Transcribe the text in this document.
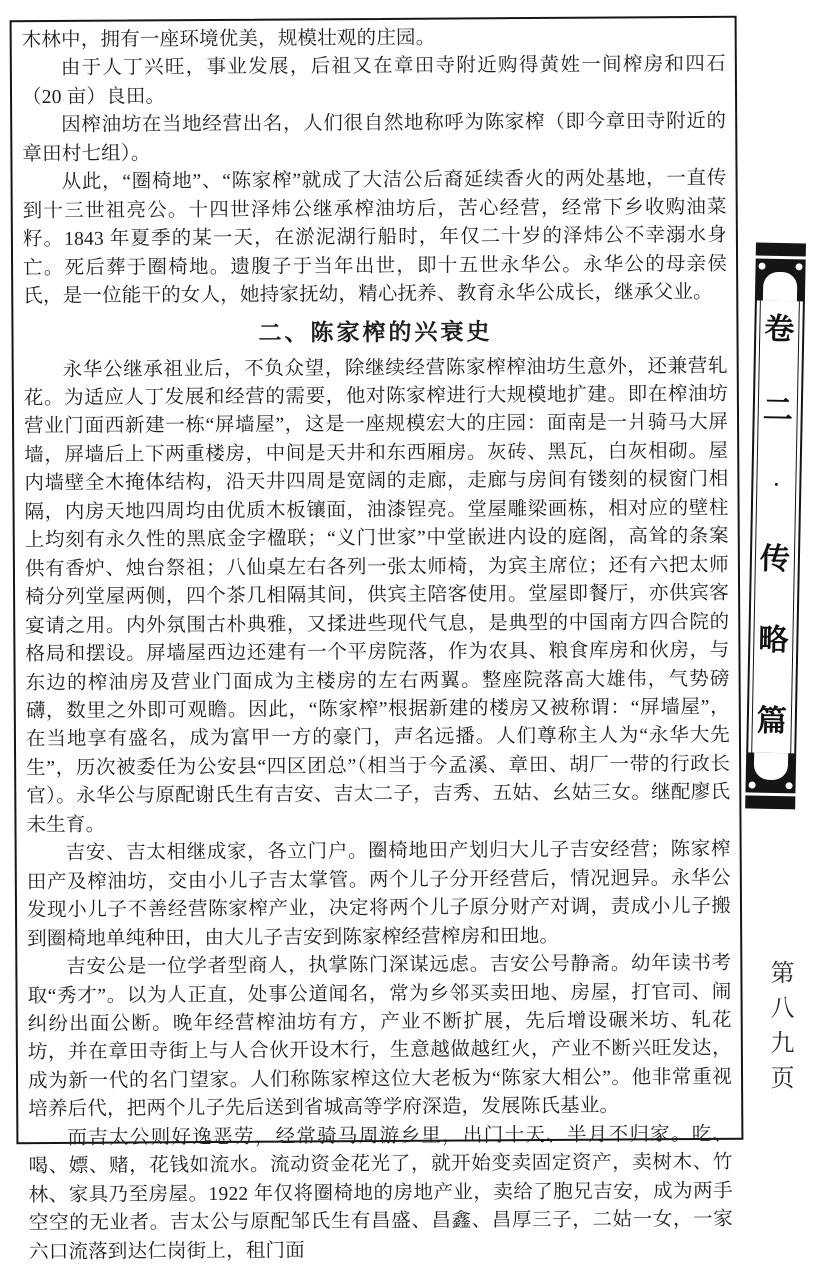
木林中，拥有一座环境优美，规模壮观的庄园。

由于人丁兴旺，事业发展，后祖又在章田寺附近购得黄姓一间榨房和四石（20 亩）良田。

因榨油坊在当地经营出名，人们很自然地称呼为陈家榨（即今章田寺附近的章田村七组）。

从此，“圈椅地”、“陈家榨”就成了大洁公后裔延续香火的两处基地，一直传到十三世祖亮公。十四世泽炜公继承榨油坊后，苦心经营，经常下乡收购油菜籽。1843 年夏季的某一天，在淤泥湖行船时，年仅二十岁的泽炜公不幸溺水身亡。死后葬于圈椅地。遗腹子于当年出世，即十五世永华公。永华公的母亲侯氏，是一位能干的女人，她持家抚幼，精心抚养、教育永华公成长，继承父业。

二、陈家榨的兴衰史

永华公继承祖业后，不负众望，除继续经营陈家榨榨油坊生意外，还兼营轧花。为适应人丁发展和经营的需要，他对陈家榨进行大规模地扩建。即在榨油坊营业门面西新建一栋“屏墙屋”，这是一座规模宏大的庄园：面南是一爿骑马大屏墙，屏墙后上下两重楼房，中间是天井和东西厢房。灰砖、黑瓦，白灰相砌。屋内墙壁全木掩体结构，沿天井四周是宽阔的走廊，走廊与房间有镂刻的棂窗门相隔，内房天地四周均由优质木板镶面，油漆锃亮。堂屋雕梁画栋，相对应的壁柱上均刻有永久性的黑底金字楹联；“义门世家”中堂嵌进内设的庭阁，高耸的条案供有香炉、烛台祭祖；八仙桌左右各列一张太师椅，为宾主席位；还有六把太师椅分列堂屋两侧，四个茶几相隔其间，供宾主陪客使用。堂屋即餐厅，亦供宾客宴请之用。内外氛围古朴典雅，又揉进些现代气息，是典型的中国南方四合院的格局和摆设。屏墙屋西边还建有一个平房院落，作为农具、粮食库房和伙房，与东边的榨油房及营业门面成为主楼房的左右两翼。整座院落高大雄伟，气势磅礴，数里之外即可观瞻。因此，“陈家榨”根据新建的楼房又被称谓：“屏墙屋”，在当地享有盛名，成为富甲一方的豪门，声名远播。人们尊称主人为“永华大先生”，历次被委任为公安县“四区团总”（相当于今孟溪、章田、胡厂一带的行政长官）。永华公与原配谢氏生有吉安、吉太二子，吉秀、五姑、幺姑三女。继配廖氏未生育。

吉安、吉太相继成家，各立门户。圈椅地田产划归大儿子吉安经营；陈家榨田产及榨油坊，交由小儿子吉太掌管。两个儿子分开经营后，情况迥异。永华公发现小儿子不善经营陈家榨产业，决定将两个儿子原分财产对调，责成小儿子搬到圈椅地单纯种田，由大儿子吉安到陈家榨经营榨房和田地。

吉安公是一位学者型商人，执掌陈门深谋远虑。吉安公号静斋。幼年读书考取“秀才”。以为人正直，处事公道闻名，常为乡邻买卖田地、房屋，打官司、闹纠纷出面公断。晚年经营榨油坊有方，产业不断扩展，先后增设碾米坊、轧花坊，并在章田寺街上与人合伙开设木行，生意越做越红火，产业不断兴旺发达，成为新一代的名门望家。人们称陈家榨这位大老板为“陈家大相公”。他非常重视培养后代，把两个儿子先后送到省城高等学府深造，发展陈氏基业。

而吉太公则好逸恶劳，经常骑马周游乡里，出门十天、半月不归家。吃、喝、嫖、赌，花钱如流水。流动资金花光了，就开始变卖固定资产，卖树木、竹林、家具乃至房屋。1922 年仅将圈椅地的房地产业，卖给了胞兄吉安，成为两手空空的无业者。吉太公与原配邹氏生有昌盛、昌鑫、昌厚三子，二姑一女，一家六口流落到达仁岗街上，租门面

卷
二
·
传
略
篇
第八九页
